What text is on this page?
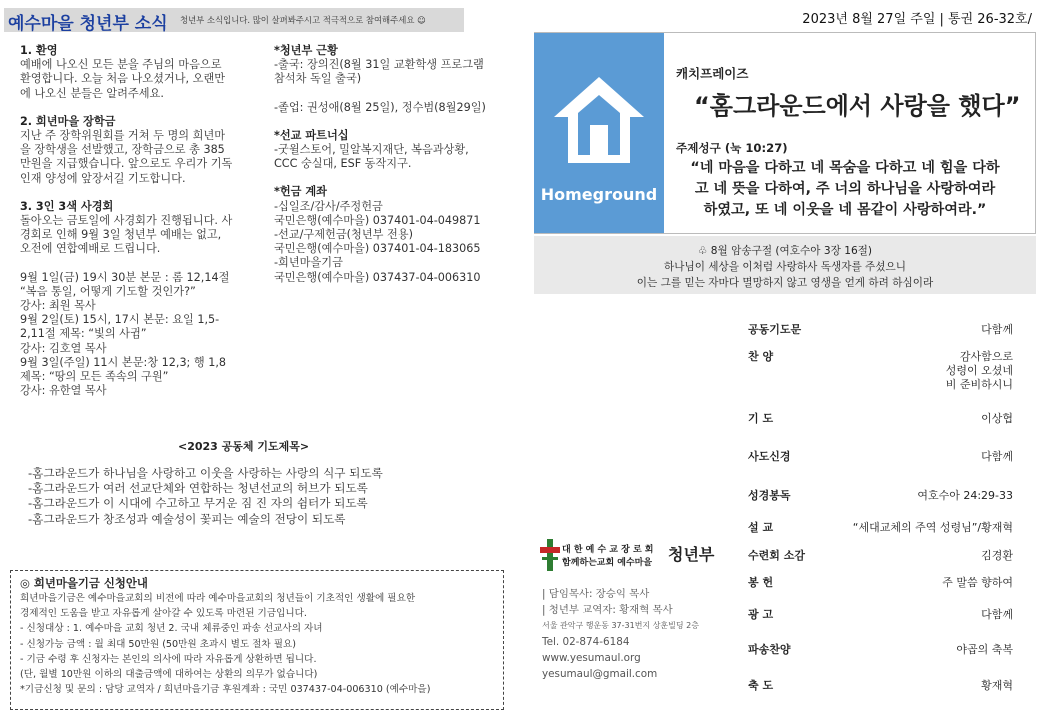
예수마을 청년부 소식 청년부 소식입니다. 많이 살펴봐주시고 적극적으로 참여해주세요 ☺	2023년 8월 27일 주일 | 통권 26-32호/
1. 환영
예배에 나오신 모든 분을 주님의 마음으로
환영합니다. 오늘 처음 나오셨거나, 오랜만
에 나오신 분들은 알려주세요.
2. 희년마을 장학금
지난 주 장학위원회를 거쳐 두 명의 희년마
을 장학생을 선발했고, 장학금으로 총 385
만원을 지급했습니다. 앞으로도 우리가 기독
인재 양성에 앞장서길 기도합니다.
3. 3인 3색 사경회
돌아오는 금토일에 사경회가 진행됩니다. 사
경회로 인해 9월 3일 청년부 예배는 없고,
오전에 연합예배로 드립니다.
9월 1일(금) 19시 30분 본문 : 롬 12,14절
“복음 통일, 어떻게 기도할 것인가?”
강사: 최원 목사
9월 2일(토) 15시, 17시 본문: 요일 1,5-
2,11절 제목: “빛의 사귐”
강사: 김호열 목사
9월 3일(주일) 11시 본문:창 12,3; 행 1,8
제목: “땅의 모든 족속의 구원”
강사: 유한열 목사
*청년부 근황
-출국: 장의진(8월 31일 교환학생 프로그램
참석차 독일 출국)
-졸업: 권성애(8월 25일), 정수범(8월29일)
*선교 파트너십
-굿윌스토어, 밀알복지재단, 복음과상황,
CCC 숭실대, ESF 동작지구.
*헌금 계좌
-십일조/감사/주정헌금
국민은행(예수마을) 037401-04-049871
-선교/구제헌금(청년부 전용)
국민은행(예수마을) 037401-04-183065
-희년마을기금
국민은행(예수마을) 037437-04-006310
<2023 공동체 기도제목>
-홈그라운드가 하나님을 사랑하고 이웃을 사랑하는 사랑의 식구 되도록
-홈그라운드가 여러 선교단체와 연합하는 청년선교의 허브가 되도록
-홈그라운드가 이 시대에 수고하고 무거운 짐 진 자의 쉼터가 되도록
-홈그라운드가 창조성과 예술성이 꽃피는 예술의 전당이 되도록
◎ 희년마을기금 신청안내
희년마을기금은 예수마을교회의 비전에 따라 예수마을교회의 청년들이 기초적인 생활에 필요한
경제적인 도움을 받고 자유롭게 살아갈 수 있도록 마련된 기금입니다.
- 신청대상 : 1. 예수마을 교회 청년 2. 국내 체류중인 파송 선교사의 자녀
- 신청가능 금액 : 월 최대 50만원 (50만원 초과시 별도 절차 필요)
- 기금 수령 후 신청자는 본인의 의사에 따라 자유롭게 상환하면 됩니다.
(단, 월별 10만원 이하의 대출금액에 대하여는 상환의 의무가 없습니다)
*기금신청 및 문의 : 담당 교역자 / 희년마을기금 후원계좌 : 국민 037437-04-006310 (예수마을)
Homeground
캐치프레이즈
“홈그라운드에서 사랑을 했다”
주제성구 (눅 10:27)
“네 마음을 다하고 네 목숨을 다하고 네 힘을 다하
고 네 뜻을 다하여, 주 너의 하나님을 사랑하여라
하였고, 또 네 이웃을 네 몸같이 사랑하여라.”
♧ 8월 암송구절 (여호수아 3장 16절)
하나님이 세상을 이처럼 사랑하사 독생자를 주셨으니
이는 그를 믿는 자마다 멸망하지 않고 영생을 얻게 하려 하심이라
공동기도문	다함께
찬 양	감사함으로
성령이 오셨네
비 준비하시니
기 도	이상협
사도신경	다함께
성경봉독	여호수아 24:29-33
설 교	“세대교체의 주역 성령님”/황재혁
수련회 소감	김경환
봉 헌	주 말씀 향하여
광 고	다함께
파송찬양	야곱의 축복
축 도	황재혁
대 한 예 수 교 장 로 회
함께하는교회 예수마을 청년부
| 담임목사: 장승익 목사
| 청년부 교역자: 황재혁 목사
서울 관악구 행운동 37-31번지 상훈빌딩 2층
Tel. 02-874-6184
www.yesumaul.org
yesumaul@gmail.com
